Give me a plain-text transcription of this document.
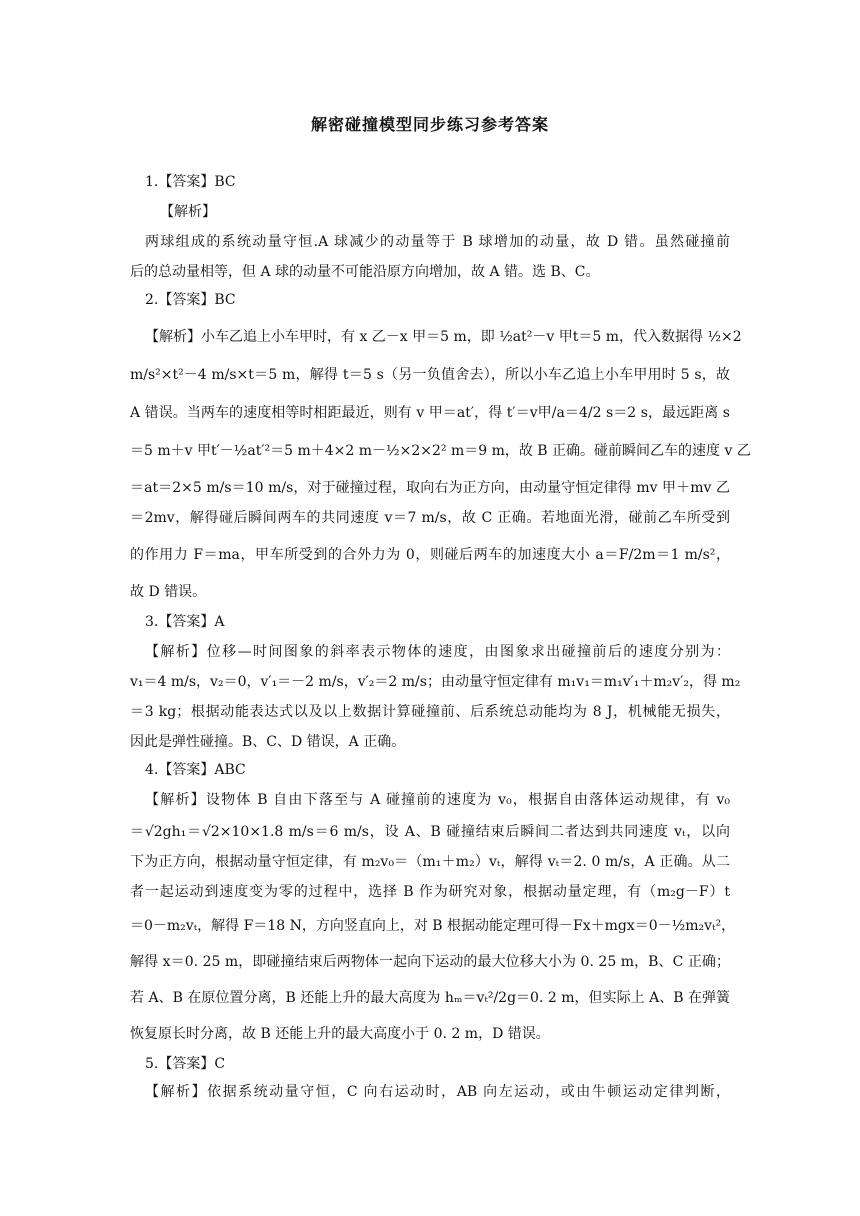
解密碰撞模型同步练习参考答案
1.【答案】BC
【解析】
两球组成的系统动量守恒.A 球减少的动量等于 B 球增加的动量，故 D 错。虽然碰撞前
后的总动量相等，但 A 球的动量不可能沿原方向增加，故 A 错。选 B、C。
2.【答案】BC
【解析】小车乙追上小车甲时，有 x 乙－x 甲＝5 m，即 ½at²－v 甲t＝5 m，代入数据得 ½×2
m/s²×t²－4 m/s×t＝5 m，解得 t＝5 s（另一负值舍去），所以小车乙追上小车甲用时 5 s，故
A 错误。当两车的速度相等时相距最近，则有 v 甲＝at′，得 t′＝v甲/a＝4/2 s＝2 s，最远距离 s
＝5 m＋v 甲t′－½at′²＝5 m＋4×2 m－½×2×2² m＝9 m，故 B 正确。碰前瞬间乙车的速度 v 乙
＝at＝2×5 m/s＝10 m/s，对于碰撞过程，取向右为正方向，由动量守恒定律得 mv 甲＋mv 乙
＝2mv，解得碰后瞬间两车的共同速度 v＝7 m/s，故 C 正确。若地面光滑，碰前乙车所受到
的作用力 F＝ma，甲车所受到的合外力为 0，则碰后两车的加速度大小 a＝F/2m＝1 m/s²，
故 D 错误。
3.【答案】A
【解析】位移—时间图象的斜率表示物体的速度，由图象求出碰撞前后的速度分别为：
v₁＝4 m/s，v₂＝0，v′₁＝－2 m/s，v′₂＝2 m/s；由动量守恒定律有 m₁v₁＝m₁v′₁＋m₂v′₂，得 m₂
＝3 kg；根据动能表达式以及以上数据计算碰撞前、后系统总动能均为 8 J，机械能无损失，
因此是弹性碰撞。B、C、D 错误，A 正确。
4.【答案】ABC
【解析】设物体 B 自由下落至与 A 碰撞前的速度为 v₀，根据自由落体运动规律，有 v₀
＝√2gh₁＝√2×10×1.8 m/s＝6 m/s，设 A、B 碰撞结束后瞬间二者达到共同速度 vₜ，以向
下为正方向，根据动量守恒定律，有 m₂v₀＝（m₁＋m₂）vₜ，解得 vₜ＝2. 0 m/s，A 正确。从二
者一起运动到速度变为零的过程中，选择 B 作为研究对象，根据动量定理，有（m₂g－F）t
＝0－m₂vₜ，解得 F＝18 N，方向竖直向上，对 B 根据动能定理可得－Fx＋mgx＝0－½m₂vₜ²，
解得 x＝0. 25 m，即碰撞结束后两物体一起向下运动的最大位移大小为 0. 25 m，B、C 正确；
若 A、B 在原位置分离，B 还能上升的最大高度为 hₘ＝vₜ²/2g＝0. 2 m，但实际上 A、B 在弹簧
恢复原长时分离，故 B 还能上升的最大高度小于 0. 2 m，D 错误。
5.【答案】C
【解析】依据系统动量守恒，C 向右运动时，AB 向左运动，或由牛顿运动定律判断，
